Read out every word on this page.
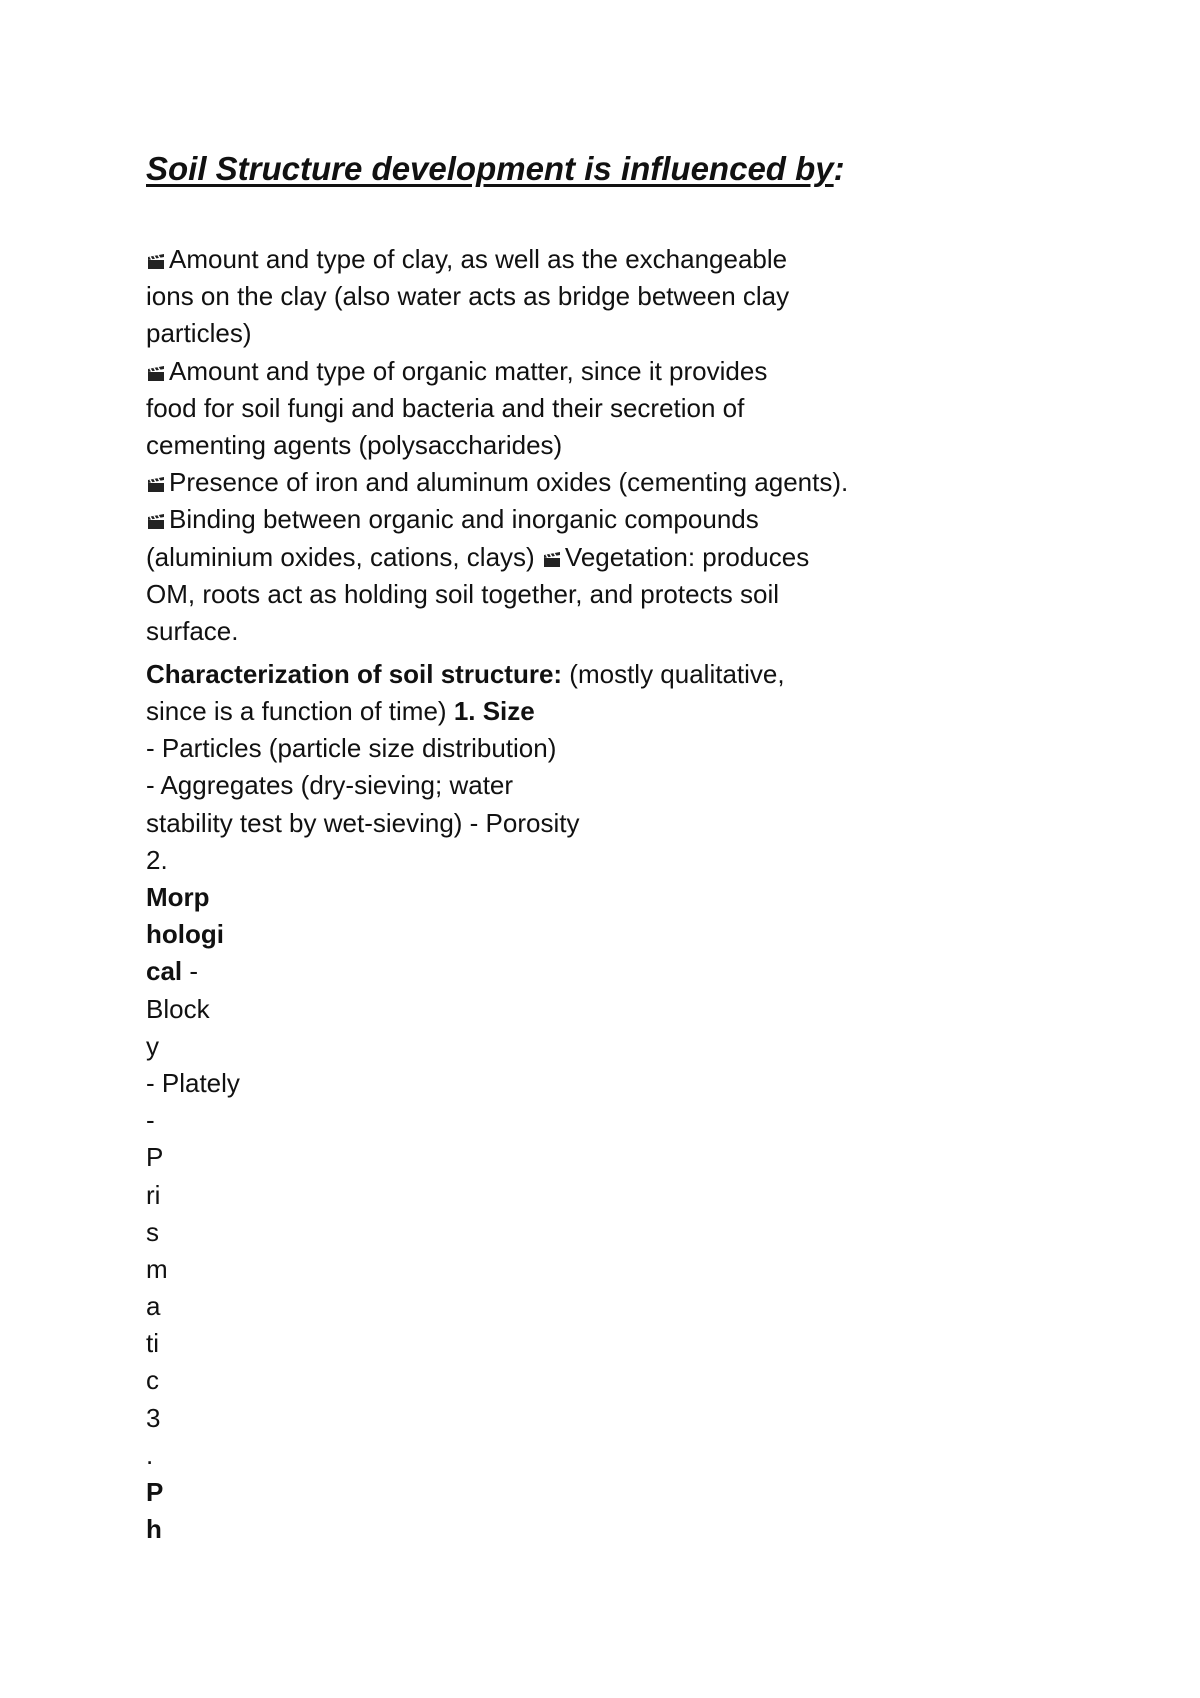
Soil Structure development is influenced by:
Amount and type of clay, as well as the exchangeable
ions on the clay (also water acts as bridge between clay
particles)
Amount and type of organic matter, since it provides
food for soil fungi and bacteria and their secretion of
cementing agents (polysaccharides)
Presence of iron and aluminum oxides (cementing agents).
Binding between organic and inorganic compounds
(aluminium oxides, cations, clays)
Vegetation: produces
OM, roots act as holding soil together, and protects soil
surface.
Characterization of soil structure: (mostly qualitative,
since is a function of time) 1. Size
- Particles (particle size distribution)
- Aggregates (dry-sieving; water
stability test by wet-sieving) - Porosity
2.
Morp
hologi
cal -
Block
y
- Plately
-
P
ri
s
m
a
ti
c
3
.
P
h
